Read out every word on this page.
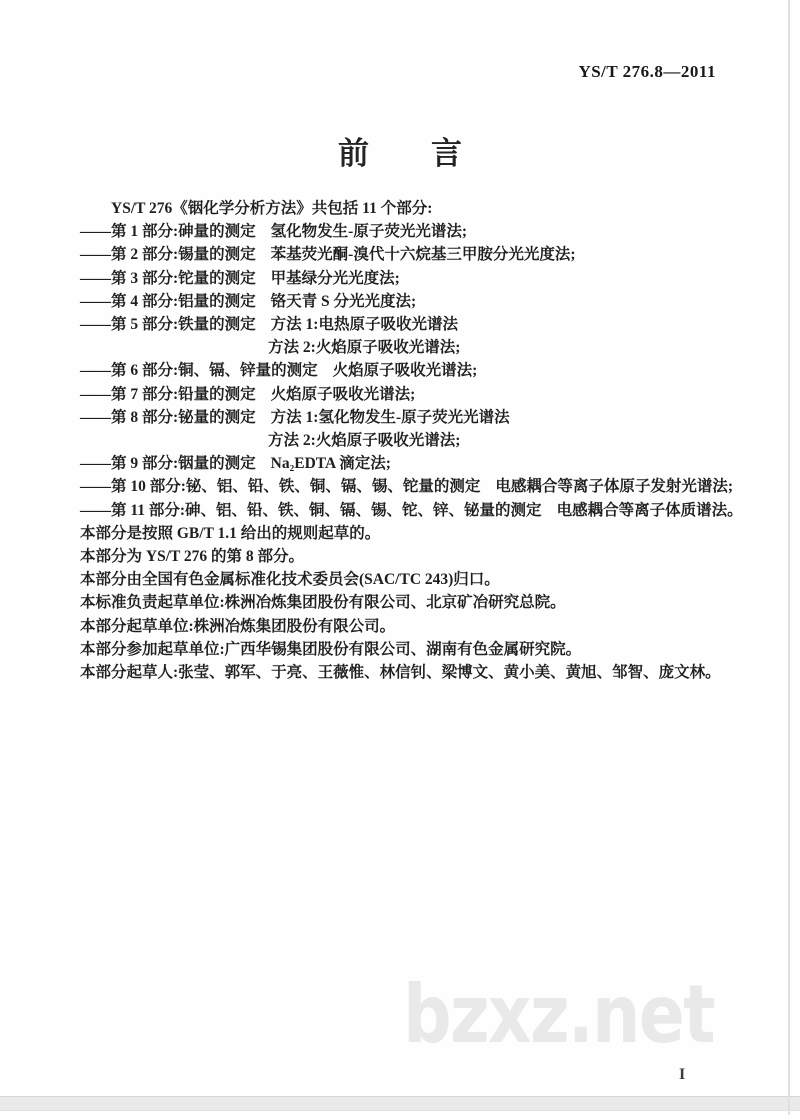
YS/T 276.8—2011
前　　言

YS/T 276《铟化学分析方法》共包括 11 个部分:

——第 1 部分:砷量的测定 氢化物发生-原子荧光光谱法;

——第 2 部分:锡量的测定 苯基荧光酮-溴代十六烷基三甲胺分光光度法;

——第 3 部分:铊量的测定 甲基绿分光光度法;

——第 4 部分:铝量的测定 铬天青 S 分光光度法;

——第 5 部分:铁量的测定 方法 1:电热原子吸收光谱法

方法 2:火焰原子吸收光谱法;

——第 6 部分:铜、镉、锌量的测定 火焰原子吸收光谱法;

——第 7 部分:铅量的测定 火焰原子吸收光谱法;

——第 8 部分:铋量的测定 方法 1:氢化物发生-原子荧光光谱法

方法 2:火焰原子吸收光谱法;

——第 9 部分:铟量的测定 Na₂EDTA 滴定法;

——第 10 部分:铋、铝、铅、铁、铜、镉、锡、铊量的测定 电感耦合等离子体原子发射光谱法;

——第 11 部分:砷、铝、铅、铁、铜、镉、锡、铊、锌、铋量的测定 电感耦合等离子体质谱法。

本部分是按照 GB/T 1.1 给出的规则起草的。

本部分为 YS/T 276 的第 8 部分。

本部分由全国有色金属标准化技术委员会(SAC/TC 243)归口。

本标准负责起草单位:株洲冶炼集团股份有限公司、北京矿冶研究总院。

本部分起草单位:株洲冶炼集团股份有限公司。

本部分参加起草单位:广西华锡集团股份有限公司、湖南有色金属研究院。

本部分起草人:张莹、郭军、于亮、王薇惟、林信钊、梁博文、黄小美、黄旭、邹智、庞文林。

bzxz.net
I
